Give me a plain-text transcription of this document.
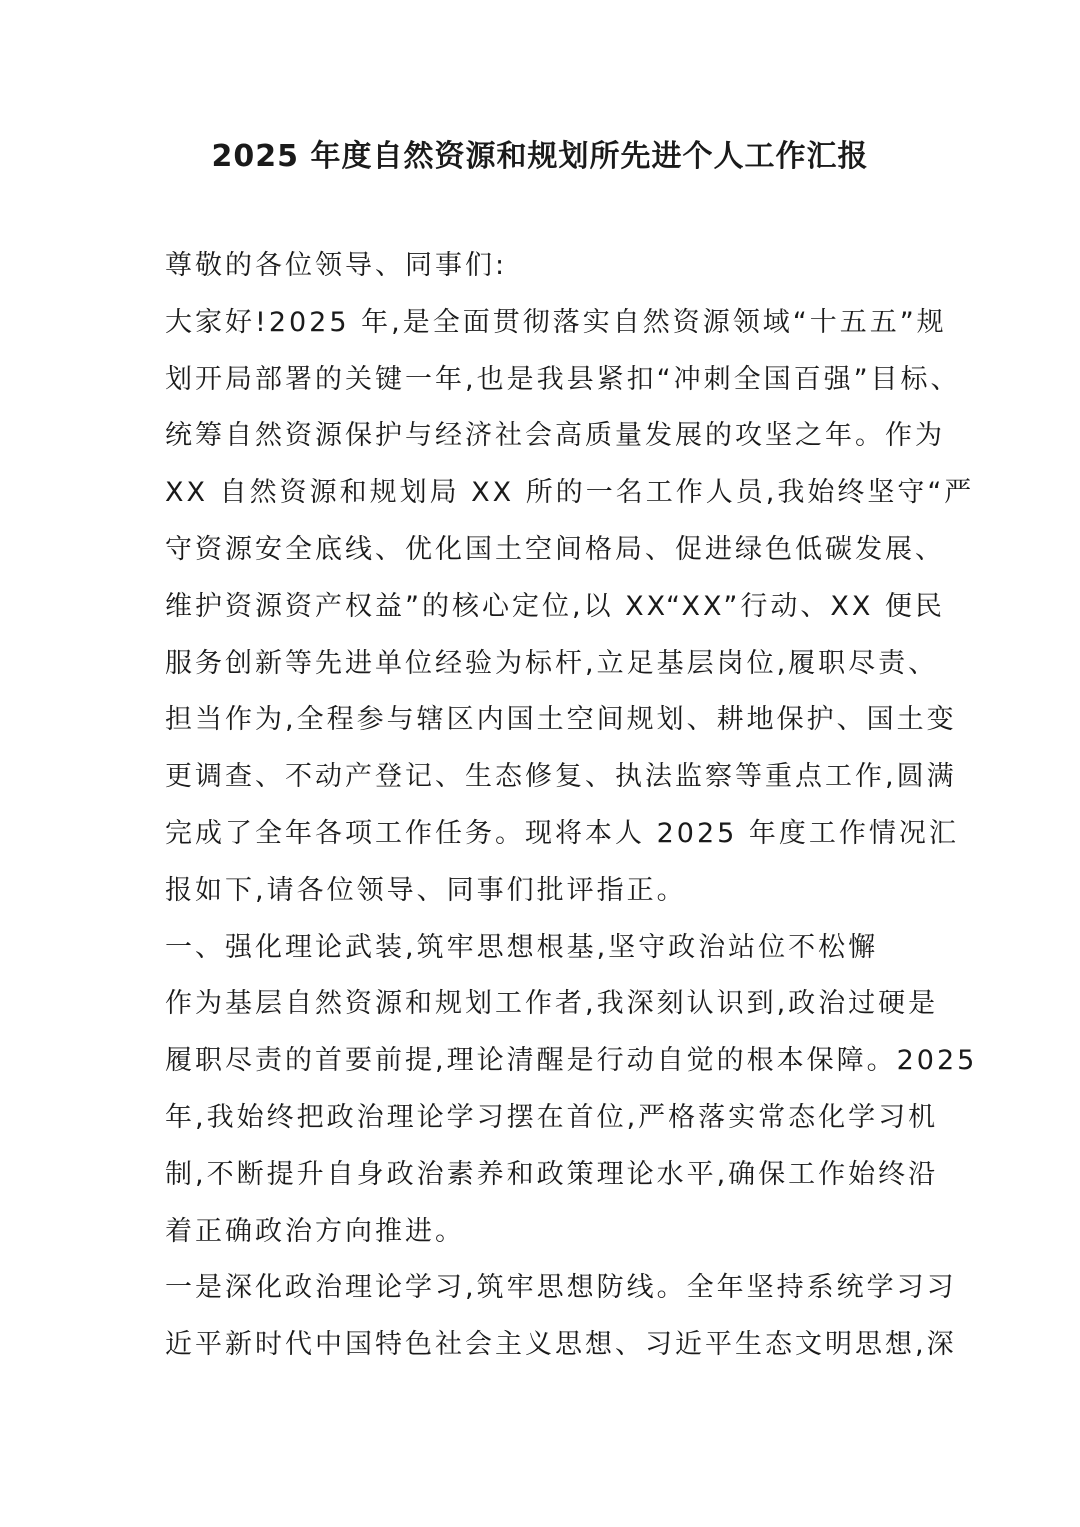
2025 年度自然资源和规划所先进个人工作汇报
尊敬的各位领导、同事们:
大家好!2025 年,是全面贯彻落实自然资源领域“十五五”规
划开局部署的关键一年,也是我县紧扣“冲刺全国百强”目标、
统筹自然资源保护与经济社会高质量发展的攻坚之年。作为
XX 自然资源和规划局 XX 所的一名工作人员,我始终坚守“严
守资源安全底线、优化国土空间格局、促进绿色低碳发展、
维护资源资产权益”的核心定位,以 XX“XX”行动、XX 便民
服务创新等先进单位经验为标杆,立足基层岗位,履职尽责、
担当作为,全程参与辖区内国土空间规划、耕地保护、国土变
更调查、不动产登记、生态修复、执法监察等重点工作,圆满
完成了全年各项工作任务。现将本人 2025 年度工作情况汇
报如下,请各位领导、同事们批评指正。
一、强化理论武装,筑牢思想根基,坚守政治站位不松懈
作为基层自然资源和规划工作者,我深刻认识到,政治过硬是
履职尽责的首要前提,理论清醒是行动自觉的根本保障。2025
年,我始终把政治理论学习摆在首位,严格落实常态化学习机
制,不断提升自身政治素养和政策理论水平,确保工作始终沿
着正确政治方向推进。
一是深化政治理论学习,筑牢思想防线。全年坚持系统学习习
近平新时代中国特色社会主义思想、习近平生态文明思想,深
